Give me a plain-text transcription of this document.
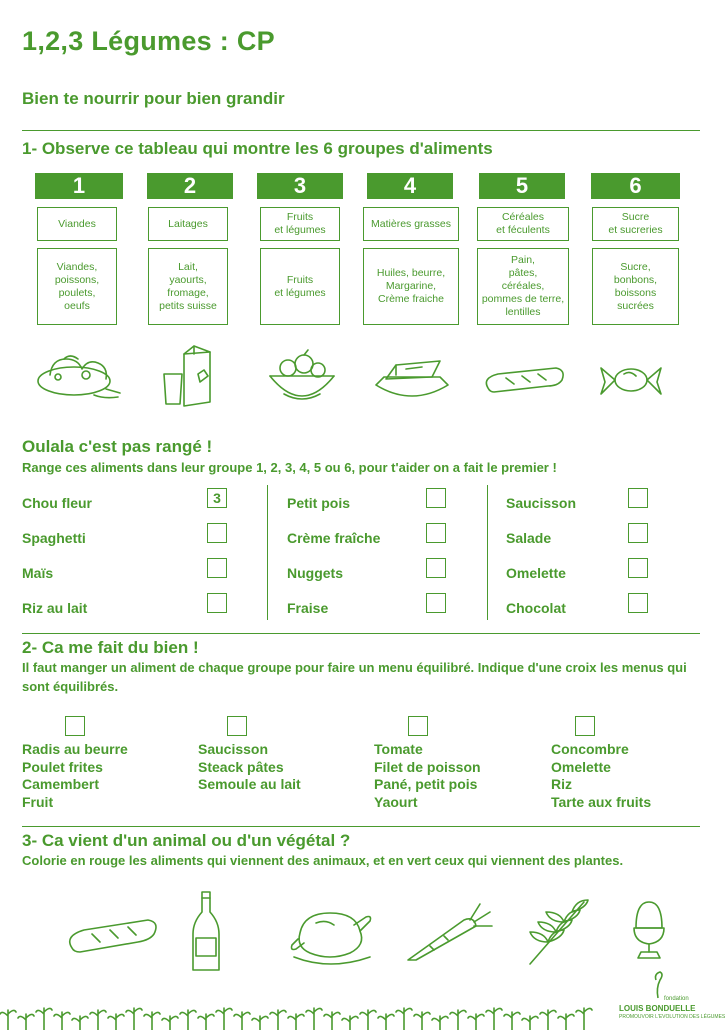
1,2,3 Légumes : CP
Bien te nourrir pour bien grandir
1- Observe ce tableau qui montre les 6 groupes d'aliments
1
Viandes
Viandes,
poissons,
poulets,
oeufs
2
Laitages
Lait,
yaourts,
fromage,
petits suisse
3
Fruits
et légumes
Fruits
et légumes
4
Matières grasses
Huiles, beurre,
Margarine,
Crème fraiche
5
Céréales
et féculents
Pain,
pâtes,
céréales,
pommes de terre,
lentilles
6
Sucre
et sucreries
Sucre,
bonbons,
boissons
sucrées
Oulala c'est pas rangé !
Range ces aliments dans leur groupe 1, 2, 3, 4, 5 ou 6, pour t'aider on a fait le premier !
Chou fleur	3
Spaghetti
Maïs
Riz au lait
Petit pois
Crème fraîche
Nuggets
Fraise
Saucisson
Salade
Omelette
Chocolat
2- Ca me fait du bien !
Il faut manger un aliment de chaque groupe pour faire un menu équilibré. Indique d'une croix les menus qui sont équilibrés.
Radis au beurre
Poulet frites
Camembert
Fruit
Saucisson
Steack pâtes
Semoule au lait
Tomate
Filet de poisson
Pané, petit pois
Yaourt
Concombre
Omelette
Riz
Tarte aux fruits
3- Ca vient d'un animal ou d'un végétal ?
Colorie en rouge les aliments qui viennent des animaux, et en vert ceux qui viennent des plantes.
fondation
LOUIS BONDUELLE
PROMOUVOIR L'EVOLUTION DES LÉGUMES
